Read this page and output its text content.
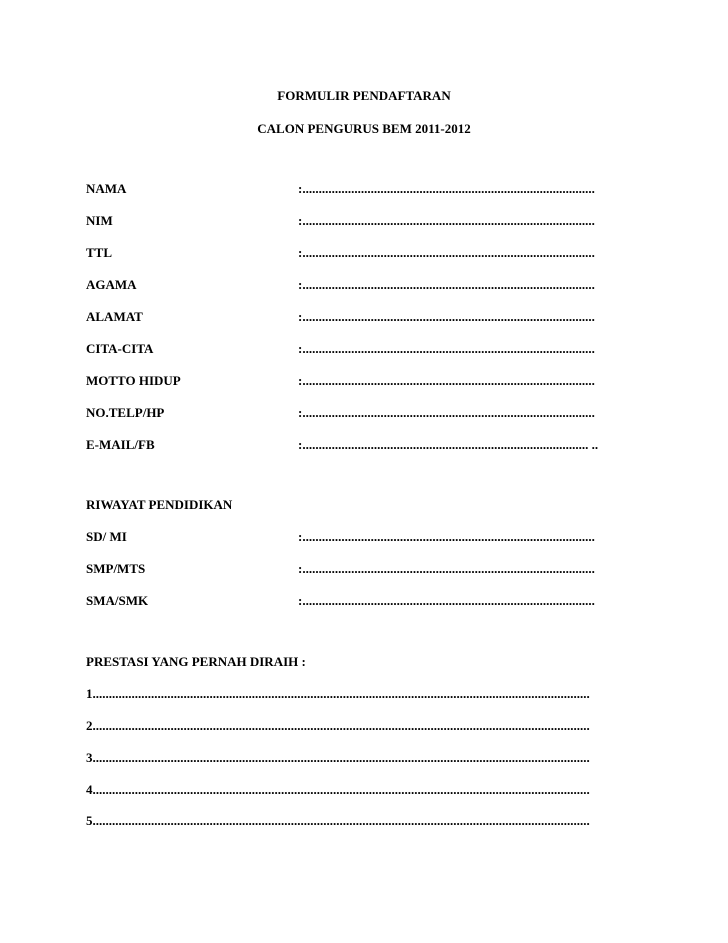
FORMULIR PENDAFTARAN
CALON PENGURUS BEM 2011-2012
NAMA	:..........................................................................................
NIM	:..........................................................................................
TTL	:..........................................................................................
AGAMA	:..........................................................................................
ALAMAT	:..........................................................................................
CITA-CITA	:..........................................................................................
MOTTO HIDUP	:..........................................................................................
NO.TELP/HP	:..........................................................................................
E-MAIL/FB	:........................................................................................ ..
RIWAYAT PENDIDIKAN
SD/ MI	:..........................................................................................
SMP/MTS	:..........................................................................................
SMA/SMK	:..........................................................................................
PRESTASI YANG PERNAH DIRAIH :
1.........................................................................................................................................................
2.........................................................................................................................................................
3.........................................................................................................................................................
4.........................................................................................................................................................
5.........................................................................................................................................................
